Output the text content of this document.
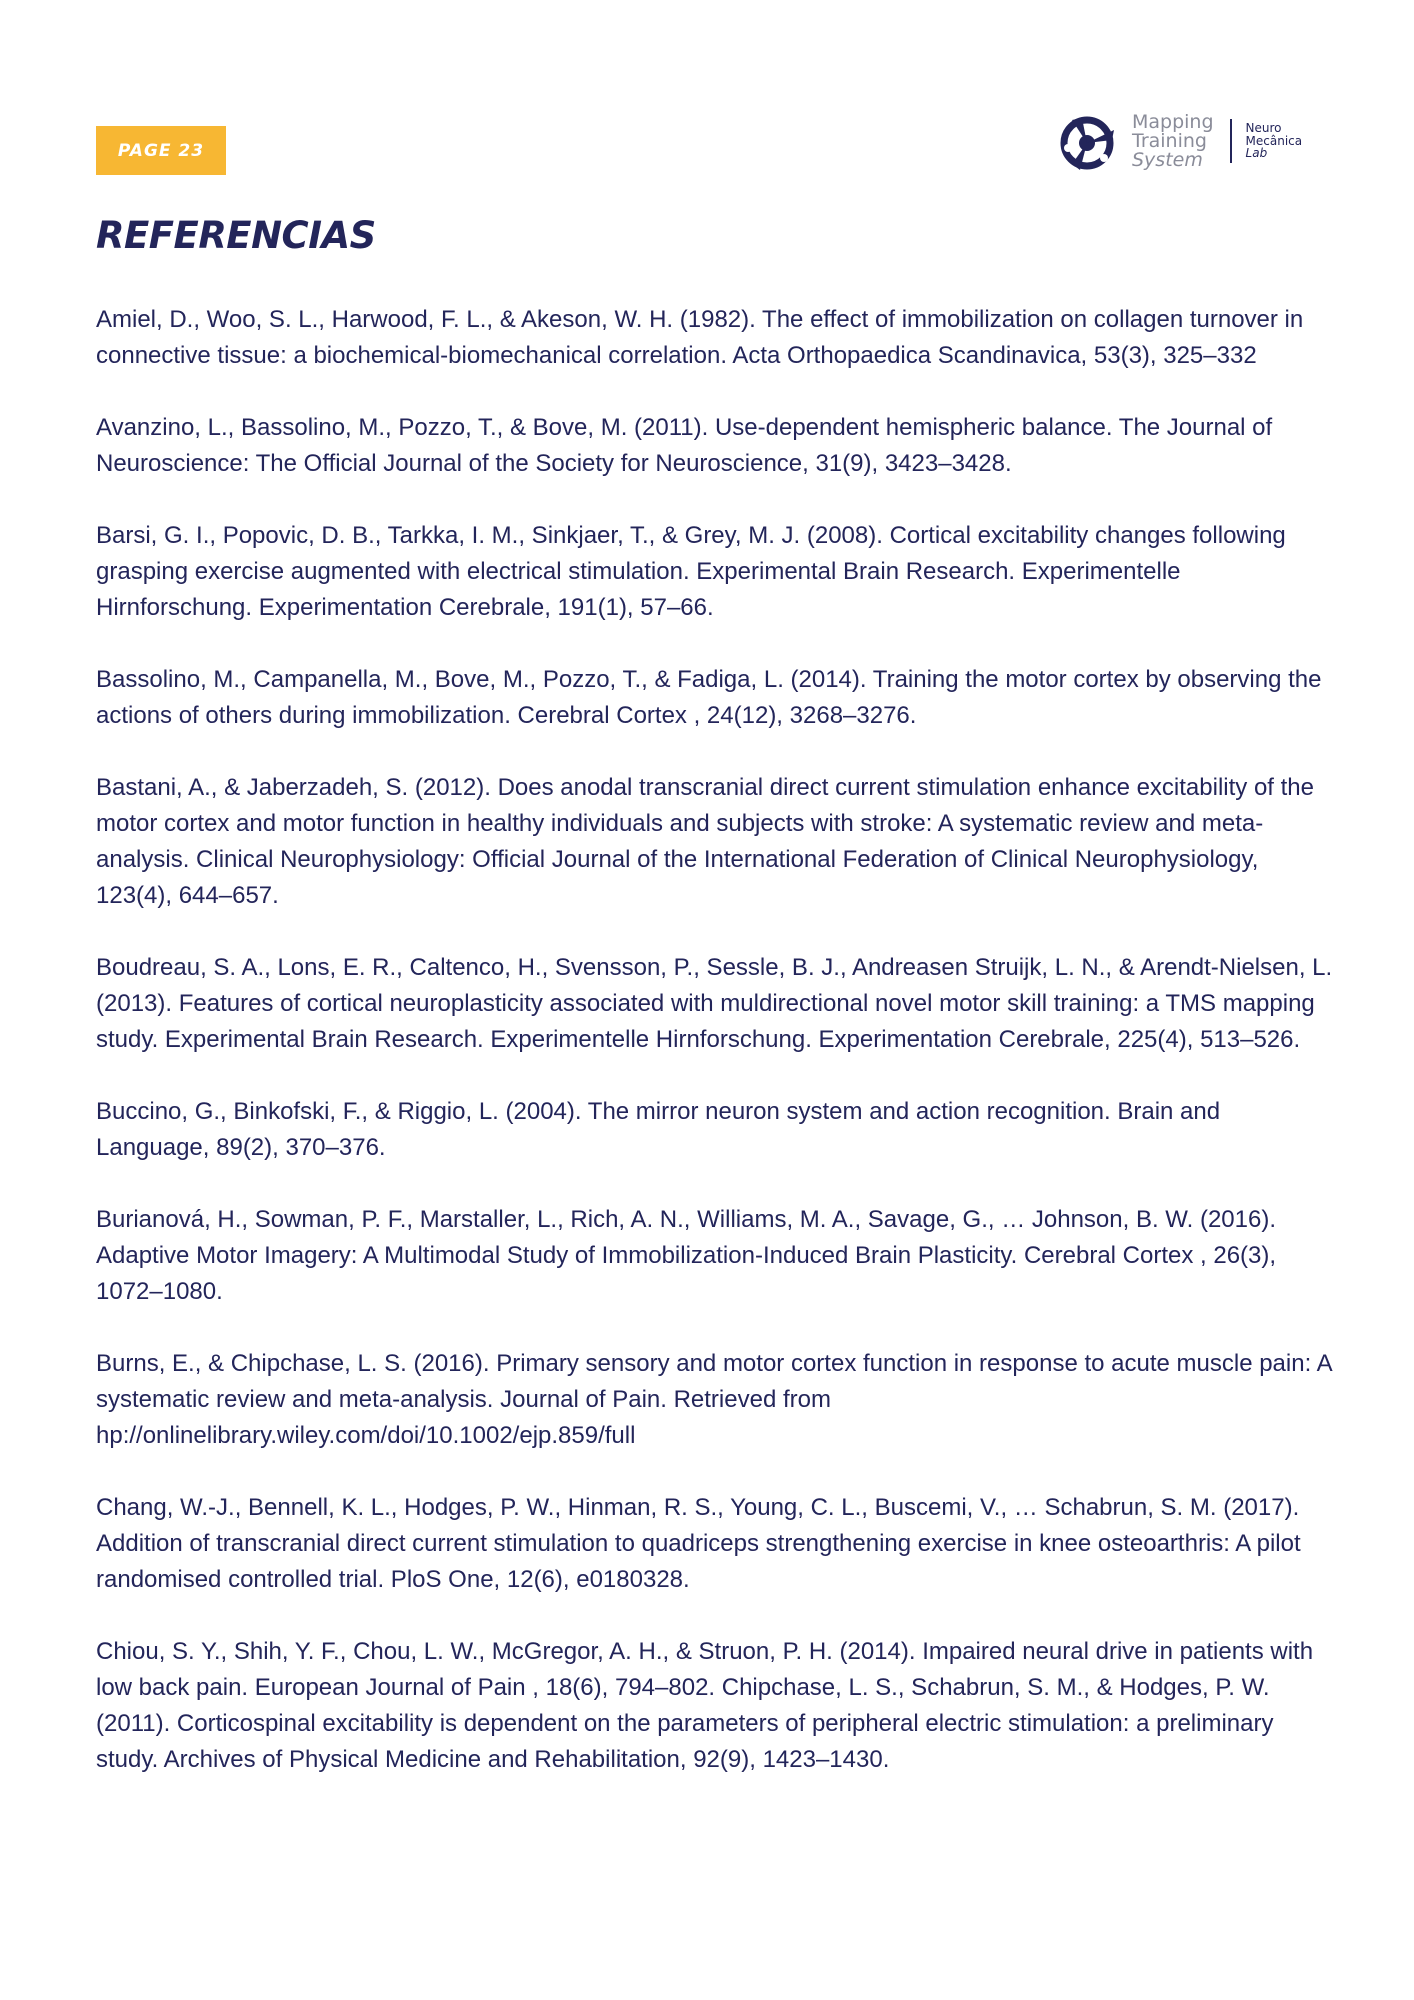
PAGE 23
Mapping
Training
System
Neuro
Mecânica
Lab
REFERENCIAS
Amiel, D., Woo, S. L., Harwood, F. L., & Akeson, W. H. (1982). The effect of immobilization on collagen turnover in connective tissue: a biochemical-biomechanical correlation. Acta Orthopaedica Scandinavica, 53(3), 325–332
Avanzino, L., Bassolino, M., Pozzo, T., & Bove, M. (2011). Use-dependent hemispheric balance. The Journal of Neuroscience: The Official Journal of the Society for Neuroscience, 31(9), 3423–3428.
Barsi, G. I., Popovic, D. B., Tarkka, I. M., Sinkjaer, T., & Grey, M. J. (2008). Cortical excitability changes following grasping exercise augmented with electrical stimulation. Experimental Brain Research. Experimentelle Hirnforschung. Experimentation Cerebrale, 191(1), 57–66.
Bassolino, M., Campanella, M., Bove, M., Pozzo, T., & Fadiga, L. (2014). Training the motor cortex by observing the actions of others during immobilization. Cerebral Cortex , 24(12), 3268–3276.
Bastani, A., & Jaberzadeh, S. (2012). Does anodal transcranial direct current stimulation enhance excitability of the motor cortex and motor function in healthy individuals and subjects with stroke: A systematic review and meta-analysis. Clinical Neurophysiology: Official Journal of the International Federation of Clinical Neurophysiology, 123(4), 644–657.
Boudreau, S. A., Lons, E. R., Caltenco, H., Svensson, P., Sessle, B. J., Andreasen Struijk, L. N., & Arendt-Nielsen, L. (2013). Features of cortical neuroplasticity associated with muldirectional novel motor skill training: a TMS mapping study. Experimental Brain Research. Experimentelle Hirnforschung. Experimentation Cerebrale, 225(4), 513–526.
Buccino, G., Binkofski, F., & Riggio, L. (2004). The mirror neuron system and action recognition. Brain and Language, 89(2), 370–376.
Burianová, H., Sowman, P. F., Marstaller, L., Rich, A. N., Williams, M. A., Savage, G., … Johnson, B. W. (2016). Adaptive Motor Imagery: A Multimodal Study of Immobilization-Induced Brain Plasticity. Cerebral Cortex , 26(3), 1072–1080.
Burns, E., & Chipchase, L. S. (2016). Primary sensory and motor cortex function in response to acute muscle pain: A systematic review and meta-analysis. Journal of Pain. Retrieved from hp://onlinelibrary.wiley.com/doi/10.1002/ejp.859/full
Chang, W.-J., Bennell, K. L., Hodges, P. W., Hinman, R. S., Young, C. L., Buscemi, V., … Schabrun, S. M. (2017). Addition of transcranial direct current stimulation to quadriceps strengthening exercise in knee osteoarthris: A pilot randomised controlled trial. PloS One, 12(6), e0180328.
Chiou, S. Y., Shih, Y. F., Chou, L. W., McGregor, A. H., & Struon, P. H. (2014). Impaired neural drive in patients with low back pain. European Journal of Pain , 18(6), 794–802. Chipchase, L. S., Schabrun, S. M., & Hodges, P. W. (2011). Corticospinal excitability is dependent on the parameters of peripheral electric stimulation: a preliminary study. Archives of Physical Medicine and Rehabilitation, 92(9), 1423–1430.
